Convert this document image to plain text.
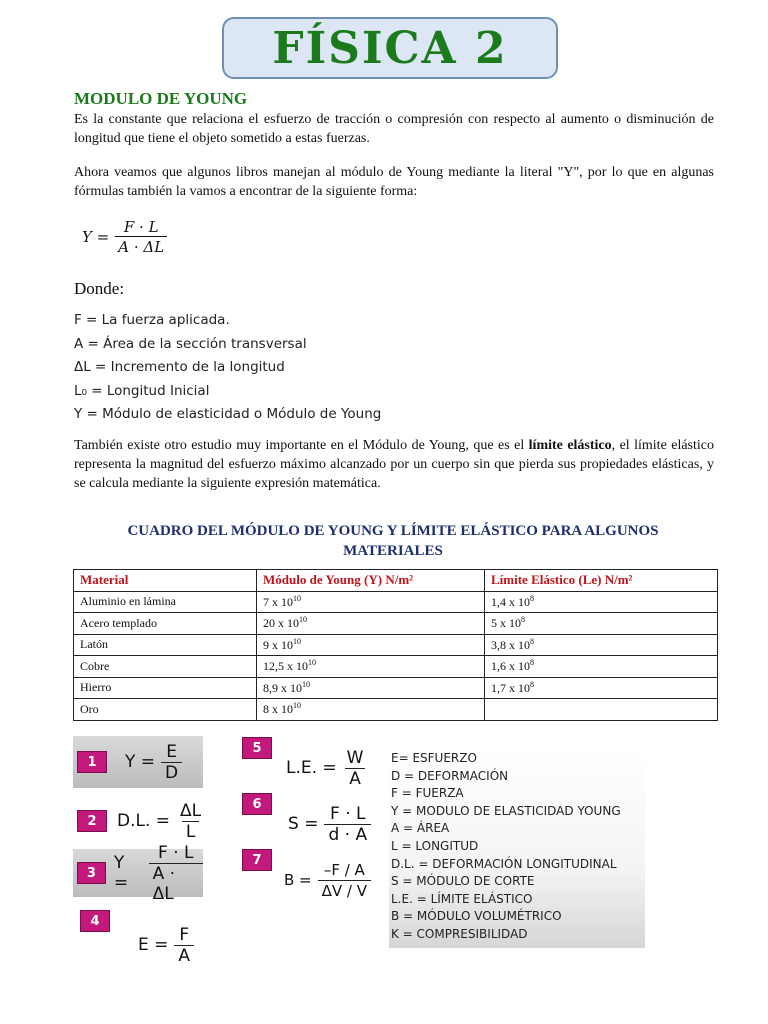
FÍSICA 2
MODULO DE YOUNG
Es la constante que relaciona el esfuerzo de tracción o compresión con respecto al aumento o disminución de longitud que tiene el objeto sometido a estas fuerzas.
Ahora veamos que algunos libros manejan al módulo de Young mediante la literal "Y", por lo que en algunas fórmulas también la vamos a encontrar de la siguiente forma:
$Y = \frac{F \cdot L}{A \cdot \Delta L}$
Donde:
F = La fuerza aplicada.
A = Área de la sección transversal
ΔL = Incremento de la longitud
L₀ = Longitud Inicial
Y = Módulo de elasticidad o Módulo de Young
También existe otro estudio muy importante en el Módulo de Young, que es el límite elástico, el límite elástico representa la magnitud del esfuerzo máximo alcanzado por un cuerpo sin que pierda sus propiedades elásticas, y se calcula mediante la siguiente expresión matemática.
CUADRO DEL MÓDULO DE YOUNG Y LÍMITE ELÁSTICO PARA ALGUNOS MATERIALES
Material	Módulo de Young (Y) N/m²	Límite Elástico (Le) N/m²
Aluminio en lámina	7 x $10^{10}$	1,4 x $10^8$
Acero templado	20 x $10^{10}$	5 x $10^8$
Latón	9 x $10^{10}$	3,8 x $10^8$
Cobre	12,5 x $10^{10}$	1,6 x $10^8$
Hierro	8,9 x $10^{10}$	1,7 x $10^8$
Oro	8 x $10^{10}$	
1	$Y = \frac{E}{D}$
2	D.L. = $\frac{\Delta L}{L}$
3	Y =	$\frac{F \cdot L}{A \cdot \Delta L}$
4
$E = \frac{F}{A}$
5
L.E. = $\frac{W}{A}$
6
$S = \frac{F \cdot L}{d \cdot A}$
7
$B = \frac{-F / A}{\Delta V / V}$
E= ESFUERZO
D = DEFORMACIÓN
F = FUERZA
Y = MODULO DE ELASTICIDAD YOUNG
A = ÁREA
L = LONGITUD
D.L. = DEFORMACIÓN LONGITUDINAL
S = MÓDULO DE CORTE
L.E. = LÍMITE ELÁSTICO
B = MÓDULO VOLUMÉTRICO
K = COMPRESIBILIDAD
